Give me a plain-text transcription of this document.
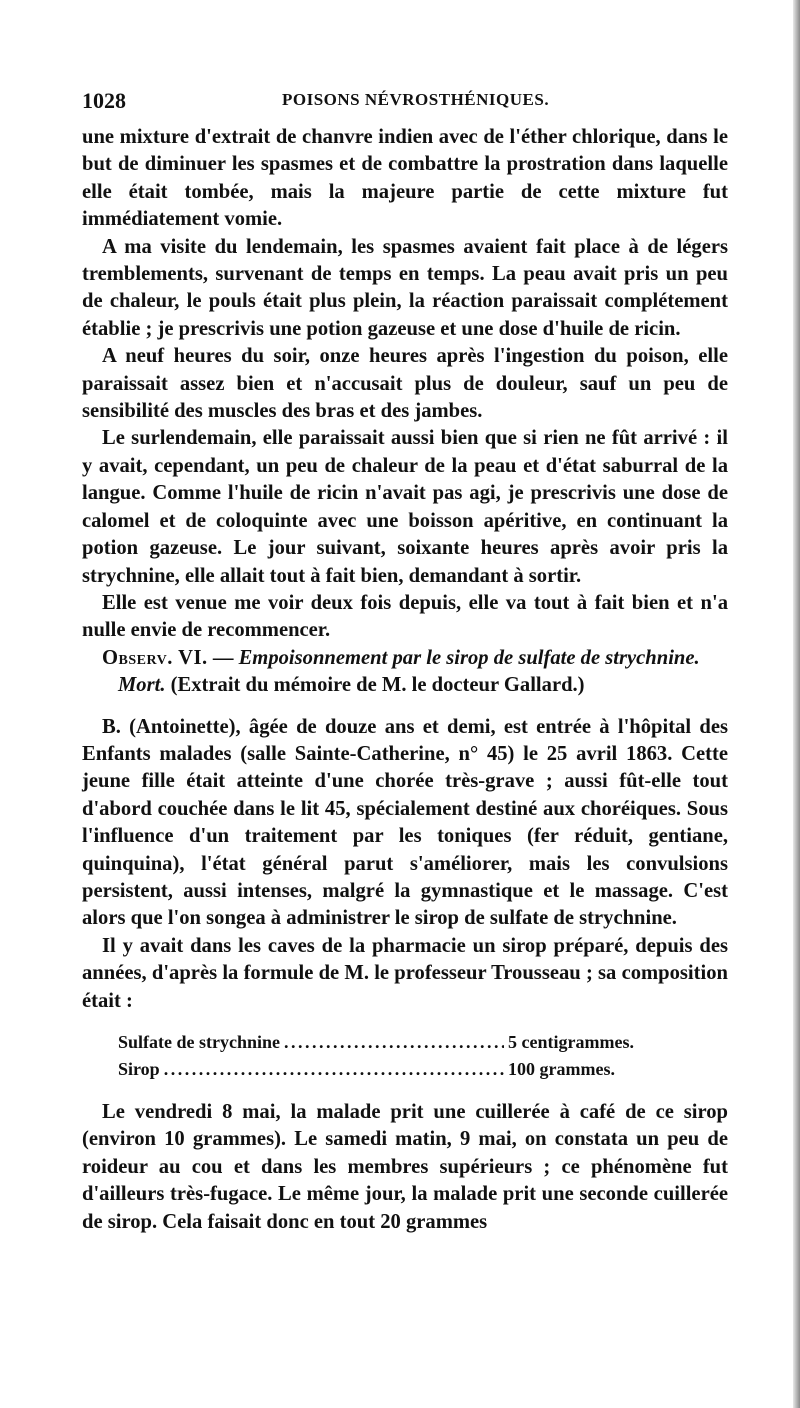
1028	POISONS NÉVROSTHÉNIQUES.

une mixture d'extrait de chanvre indien avec de l'éther chlorique, dans le but de diminuer les spasmes et de combattre la prostration dans laquelle elle était tombée, mais la majeure partie de cette mixture fut immédiatement vomie.

A ma visite du lendemain, les spasmes avaient fait place à de légers tremblements, survenant de temps en temps. La peau avait pris un peu de chaleur, le pouls était plus plein, la réaction paraissait complétement établie ; je prescrivis une potion gazeuse et une dose d'huile de ricin.

A neuf heures du soir, onze heures après l'ingestion du poison, elle paraissait assez bien et n'accusait plus de douleur, sauf un peu de sensibilité des muscles des bras et des jambes.

Le surlendemain, elle paraissait aussi bien que si rien ne fût arrivé : il y avait, cependant, un peu de chaleur de la peau et d'état saburral de la langue. Comme l'huile de ricin n'avait pas agi, je prescrivis une dose de calomel et de coloquinte avec une boisson apéritive, en continuant la potion gazeuse. Le jour suivant, soixante heures après avoir pris la strychnine, elle allait tout à fait bien, demandant à sortir.

Elle est venue me voir deux fois depuis, elle va tout à fait bien et n'a nulle envie de recommencer.

Observ. VI. — Empoisonnement par le sirop de sulfate de strychnine.

Mort. (Extrait du mémoire de M. le docteur Gallard.)

B. (Antoinette), âgée de douze ans et demi, est entrée à l'hôpital des Enfants malades (salle Sainte-Catherine, n° 45) le 25 avril 1863. Cette jeune fille était atteinte d'une chorée très-grave ; aussi fût-elle tout d'abord couchée dans le lit 45, spécialement destiné aux choréiques. Sous l'influence d'un traitement par les toniques (fer réduit, gentiane, quinquina), l'état général parut s'améliorer, mais les convulsions persistent, aussi intenses, malgré la gymnastique et le massage. C'est alors que l'on songea à administrer le sirop de sulfate de strychnine.

Il y avait dans les caves de la pharmacie un sirop préparé, depuis des années, d'après la formule de M. le professeur Trousseau ; sa composition était :

Sulfate de strychnine . . .	5 centigrammes.
Sirop . . .	100 grammes.

Le vendredi 8 mai, la malade prit une cuillerée à café de ce sirop (environ 10 grammes). Le samedi matin, 9 mai, on constata un peu de roideur au cou et dans les membres supérieurs ; ce phénomène fut d'ailleurs très-fugace. Le même jour, la malade prit une seconde cuillerée de sirop. Cela faisait donc en tout 20 grammes
